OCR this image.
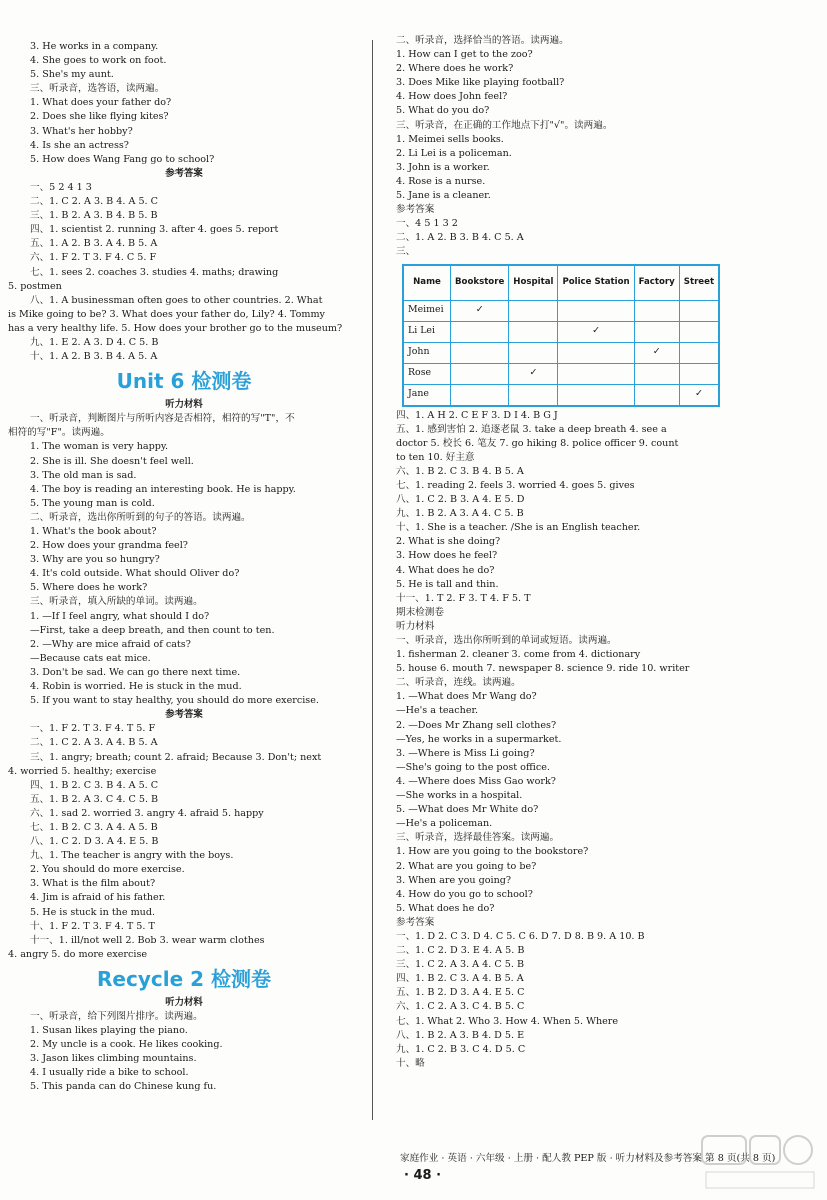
3. He works in a company.
4. She goes to work on foot.
5. She's my aunt.
三、听录音，选答语，读两遍。
1. What does your father do?
2. Does she like flying kites?
3. What's her hobby?
4. Is she an actress?
5. How does Wang Fang go to school?
参考答案
一、5 2 4 1 3
二、1. C 2. A 3. B 4. A 5. C
三、1. B 2. A 3. B 4. B 5. B
四、1. scientist 2. running 3. after 4. goes 5. report
五、1. A 2. B 3. A 4. B 5. A
六、1. F 2. T 3. F 4. C 5. F
七、1. sees 2. coaches 3. studies 4. maths; drawing
5. postmen
八、1. A businessman often goes to other countries. 2. What
is Mike going to be? 3. What does your father do, Lily? 4. Tommy
has a very healthy life. 5. How does your brother go to the museum?
九、1. E 2. A 3. D 4. C 5. B
十、1. A 2. B 3. B 4. A 5. A
Unit 6 检测卷
听力材料
一、听录音，判断图片与所听内容是否相符，相符的写"T"，不
相符的写"F"。读两遍。
1. The woman is very happy.
2. She is ill. She doesn't feel well.
3. The old man is sad.
4. The boy is reading an interesting book. He is happy.
5. The young man is cold.
二、听录音，选出你所听到的句子的答语。读两遍。
1. What's the book about?
2. How does your grandma feel?
3. Why are you so hungry?
4. It's cold outside. What should Oliver do?
5. Where does he work?
三、听录音，填入所缺的单词。读两遍。
1. —If I feel angry, what should I do?
—First, take a deep breath, and then count to ten.
2. —Why are mice afraid of cats?
—Because cats eat mice.
3. Don't be sad. We can go there next time.
4. Robin is worried. He is stuck in the mud.
5. If you want to stay healthy, you should do more exercise.
参考答案
一、1. F 2. T 3. F 4. T 5. F
二、1. C 2. A 3. A 4. B 5. A
三、1. angry; breath; count 2. afraid; Because 3. Don't; next
4. worried 5. healthy; exercise
四、1. B 2. C 3. B 4. A 5. C
五、1. B 2. A 3. C 4. C 5. B
六、1. sad 2. worried 3. angry 4. afraid 5. happy
七、1. B 2. C 3. A 4. A 5. B
八、1. C 2. D 3. A 4. E 5. B
九、1. The teacher is angry with the boys.
2. You should do more exercise.
3. What is the film about?
4. Jim is afraid of his father.
5. He is stuck in the mud.
十、1. F 2. T 3. F 4. T 5. T
十一、1. ill/not well 2. Bob 3. wear warm clothes
4. angry 5. do more exercise
Recycle 2 检测卷
听力材料
一、听录音，给下列图片排序。读两遍。
1. Susan likes playing the piano.
2. My uncle is a cook. He likes cooking.
3. Jason likes climbing mountains.
4. I usually ride a bike to school.
5. This panda can do Chinese kung fu.
二、听录音，选择恰当的答语。读两遍。
1. How can I get to the zoo?
2. Where does he work?
3. Does Mike like playing football?
4. How does John feel?
5. What do you do?
三、听录音，在正确的工作地点下打"√"。读两遍。
1. Meimei sells books.
2. Li Lei is a policeman.
3. John is a worker.
4. Rose is a nurse.
5. Jane is a cleaner.
参考答案
一、4 5 1 3 2
二、1. A 2. B 3. B 4. C 5. A
三、
Name	Bookstore	Hospital	Police Station	Factory	Street
Meimei	✓				
Li Lei			✓		
John				✓	
Rose		✓			
Jane					✓
四、1. A H 2. C E F 3. D I 4. B G J
五、1. 感到害怕 2. 追逐老鼠 3. take a deep breath 4. see a
doctor 5. 校长 6. 笔友 7. go hiking 8. police officer 9. count
to ten 10. 好主意
六、1. B 2. C 3. B 4. B 5. A
七、1. reading 2. feels 3. worried 4. goes 5. gives
八、1. C 2. B 3. A 4. E 5. D
九、1. B 2. A 3. A 4. C 5. B
十、1. She is a teacher. /She is an English teacher.
2. What is she doing?
3. How does he feel?
4. What does he do?
5. He is tall and thin.
十一、1. T 2. F 3. T 4. F 5. T
期末检测卷
听力材料
一、听录音，选出你所听到的单词或短语。读两遍。
1. fisherman 2. cleaner 3. come from 4. dictionary
5. house 6. mouth 7. newspaper 8. science 9. ride 10. writer
二、听录音，连线。读两遍。
1. —What does Mr Wang do?
—He's a teacher.
2. —Does Mr Zhang sell clothes?
—Yes, he works in a supermarket.
3. —Where is Miss Li going?
—She's going to the post office.
4. —Where does Miss Gao work?
—She works in a hospital.
5. —What does Mr White do?
—He's a policeman.
三、听录音，选择最佳答案。读两遍。
1. How are you going to the bookstore?
2. What are you going to be?
3. When are you going?
4. How do you go to school?
5. What does he do?
参考答案
一、1. D 2. C 3. D 4. C 5. C 6. D 7. D 8. B 9. A 10. B
二、1. C 2. D 3. E 4. A 5. B
三、1. C 2. A 3. A 4. C 5. B
四、1. B 2. C 3. A 4. B 5. A
五、1. B 2. D 3. A 4. E 5. C
六、1. C 2. A 3. C 4. B 5. C
七、1. What 2. Who 3. How 4. When 5. Where
八、1. B 2. A 3. B 4. D 5. E
九、1. C 2. B 3. C 4. D 5. C
十、略
家庭作业 · 英语 · 六年级 · 上册 · 配人教 PEP 版 · 听力材料及参考答案 第 8 页(共 8 页)
· 48 ·
